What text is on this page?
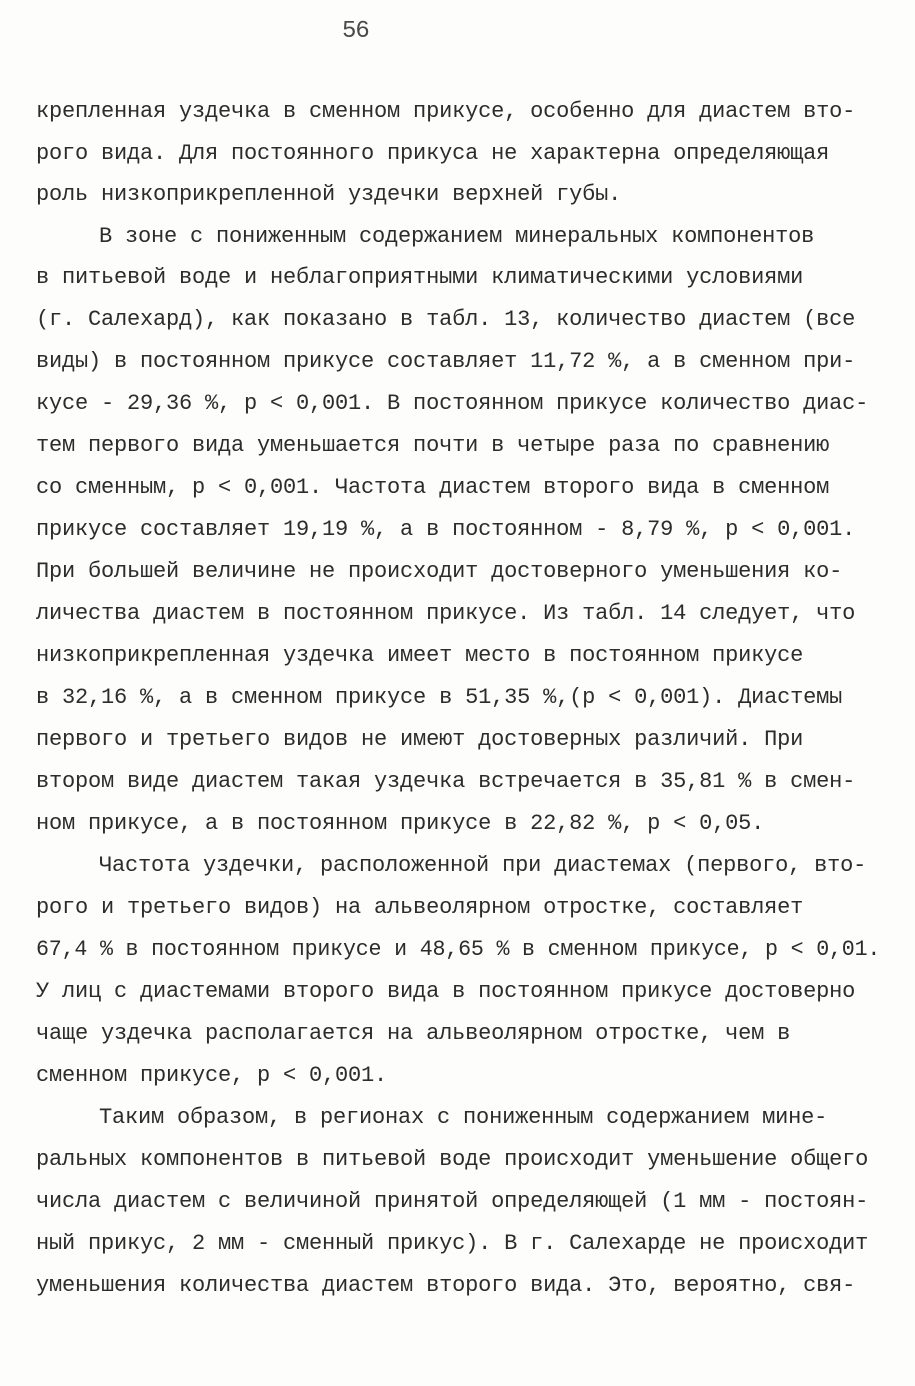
56
крепленная уздечка в сменном прикусе, особенно для диастем вто-
рого вида. Для постоянного прикуса не характерна определяющая
роль низкоприкрепленной уздечки верхней губы.
В зоне с пониженным содержанием минеральных компонентов
в питьевой воде и неблагоприятными климатическими условиями
(г. Салехард), как показано в табл. 13, количество диастем (все
виды) в постоянном прикусе составляет 11,72 %, а в сменном при-
кусе - 29,36 %, р < 0,001. В постоянном прикусе количество диас-
тем первого вида уменьшается почти в четыре раза по сравнению
со сменным, р < 0,001. Частота диастем второго вида в сменном
прикусе составляет 19,19 %, а в постоянном - 8,79 %, р < 0,001.
При большей величине не происходит достоверного уменьшения ко-
личества диастем в постоянном прикусе. Из табл. 14 следует, что
низкоприкрепленная уздечка имеет место в постоянном прикусе
в 32,16 %, а в сменном прикусе в 51,35 %,(р < 0,001). Диастемы
первого и третьего видов не имеют достоверных различий. При
втором виде диастем такая уздечка встречается в 35,81 % в смен-
ном прикусе, а в постоянном прикусе в 22,82 %, р < 0,05.
Частота уздечки, расположенной при диастемах (первого, вто-
рого и третьего видов) на альвеолярном отростке, составляет
67,4 % в постоянном прикусе и 48,65 % в сменном прикусе, р < 0,01.
У лиц с диастемами второго вида в постоянном прикусе достоверно
чаще уздечка располагается на альвеолярном отростке, чем в
сменном прикусе, р < 0,001.
Таким образом, в регионах с пониженным содержанием мине-
ральных компонентов в питьевой воде происходит уменьшение общего
числа диастем с величиной принятой определяющей (1 мм - постоян-
ный прикус, 2 мм - сменный прикус). В г. Салехарде не происходит
уменьшения количества диастем второго вида. Это, вероятно, свя-
